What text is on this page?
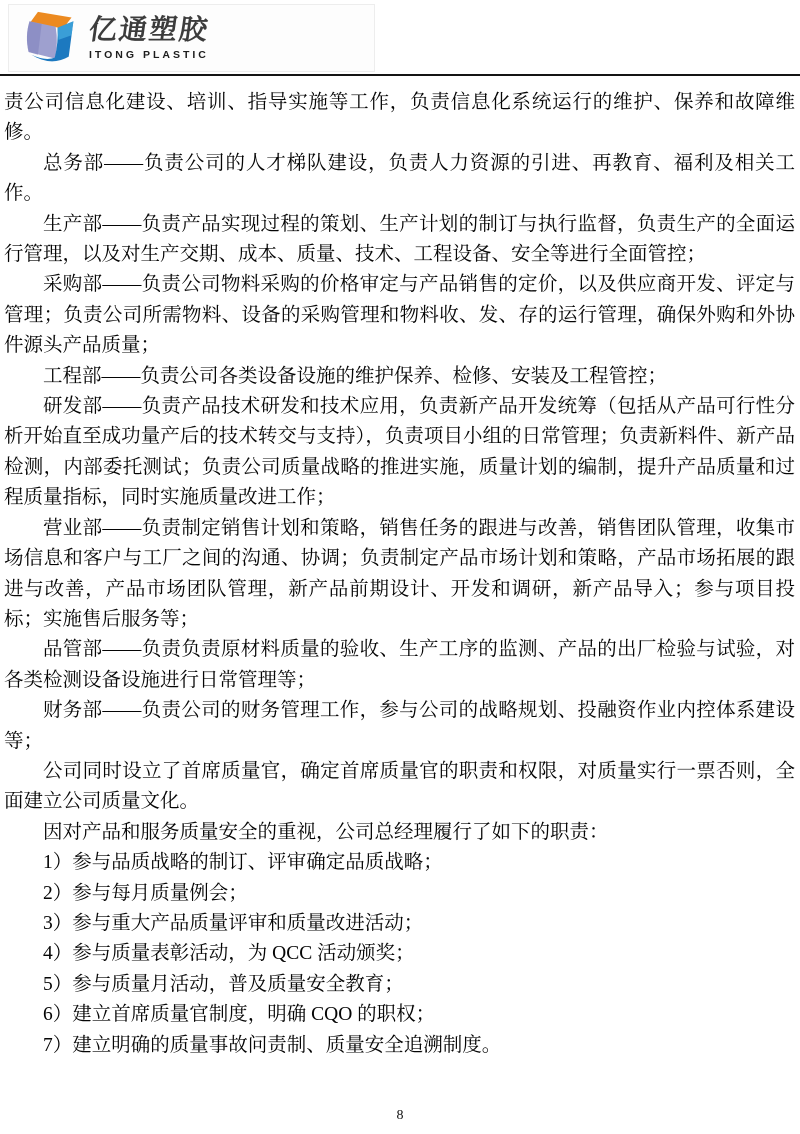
亿通塑胶
ITONG PLASTIC

责公司信息化建设、培训、指导实施等工作，负责信息化系统运行的维护、保养和故障维修。

总务部——负责公司的人才梯队建设，负责人力资源的引进、再教育、福利及相关工作。

生产部——负责产品实现过程的策划、生产计划的制订与执行监督，负责生产的全面运行管理，以及对生产交期、成本、质量、技术、工程设备、安全等进行全面管控；

采购部——负责公司物料采购的价格审定与产品销售的定价，以及供应商开发、评定与管理；负责公司所需物料、设备的采购管理和物料收、发、存的运行管理，确保外购和外协件源头产品质量；

工程部——负责公司各类设备设施的维护保养、检修、安装及工程管控；

研发部——负责产品技术研发和技术应用，负责新产品开发统筹（包括从产品可行性分析开始直至成功量产后的技术转交与支持），负责项目小组的日常管理；负责新料件、新产品检测，内部委托测试；负责公司质量战略的推进实施，质量计划的编制，提升产品质量和过程质量指标，同时实施质量改进工作；

营业部——负责制定销售计划和策略，销售任务的跟进与改善，销售团队管理，收集市场信息和客户与工厂之间的沟通、协调；负责制定产品市场计划和策略，产品市场拓展的跟进与改善，产品市场团队管理，新产品前期设计、开发和调研，新产品导入；参与项目投标；实施售后服务等；

品管部——负责负责原材料质量的验收、生产工序的监测、产品的出厂检验与试验，对各类检测设备设施进行日常管理等；

财务部——负责公司的财务管理工作，参与公司的战略规划、投融资作业内控体系建设等；

公司同时设立了首席质量官，确定首席质量官的职责和权限，对质量实行一票否则，全面建立公司质量文化。

因对产品和服务质量安全的重视，公司总经理履行了如下的职责：

1）参与品质战略的制订、评审确定品质战略；

2）参与每月质量例会；

3）参与重大产品质量评审和质量改进活动；

4）参与质量表彰活动，为 QCC 活动颁奖；

5）参与质量月活动，普及质量安全教育；

6）建立首席质量官制度，明确 CQO 的职权；

7）建立明确的质量事故问责制、质量安全追溯制度。

8
